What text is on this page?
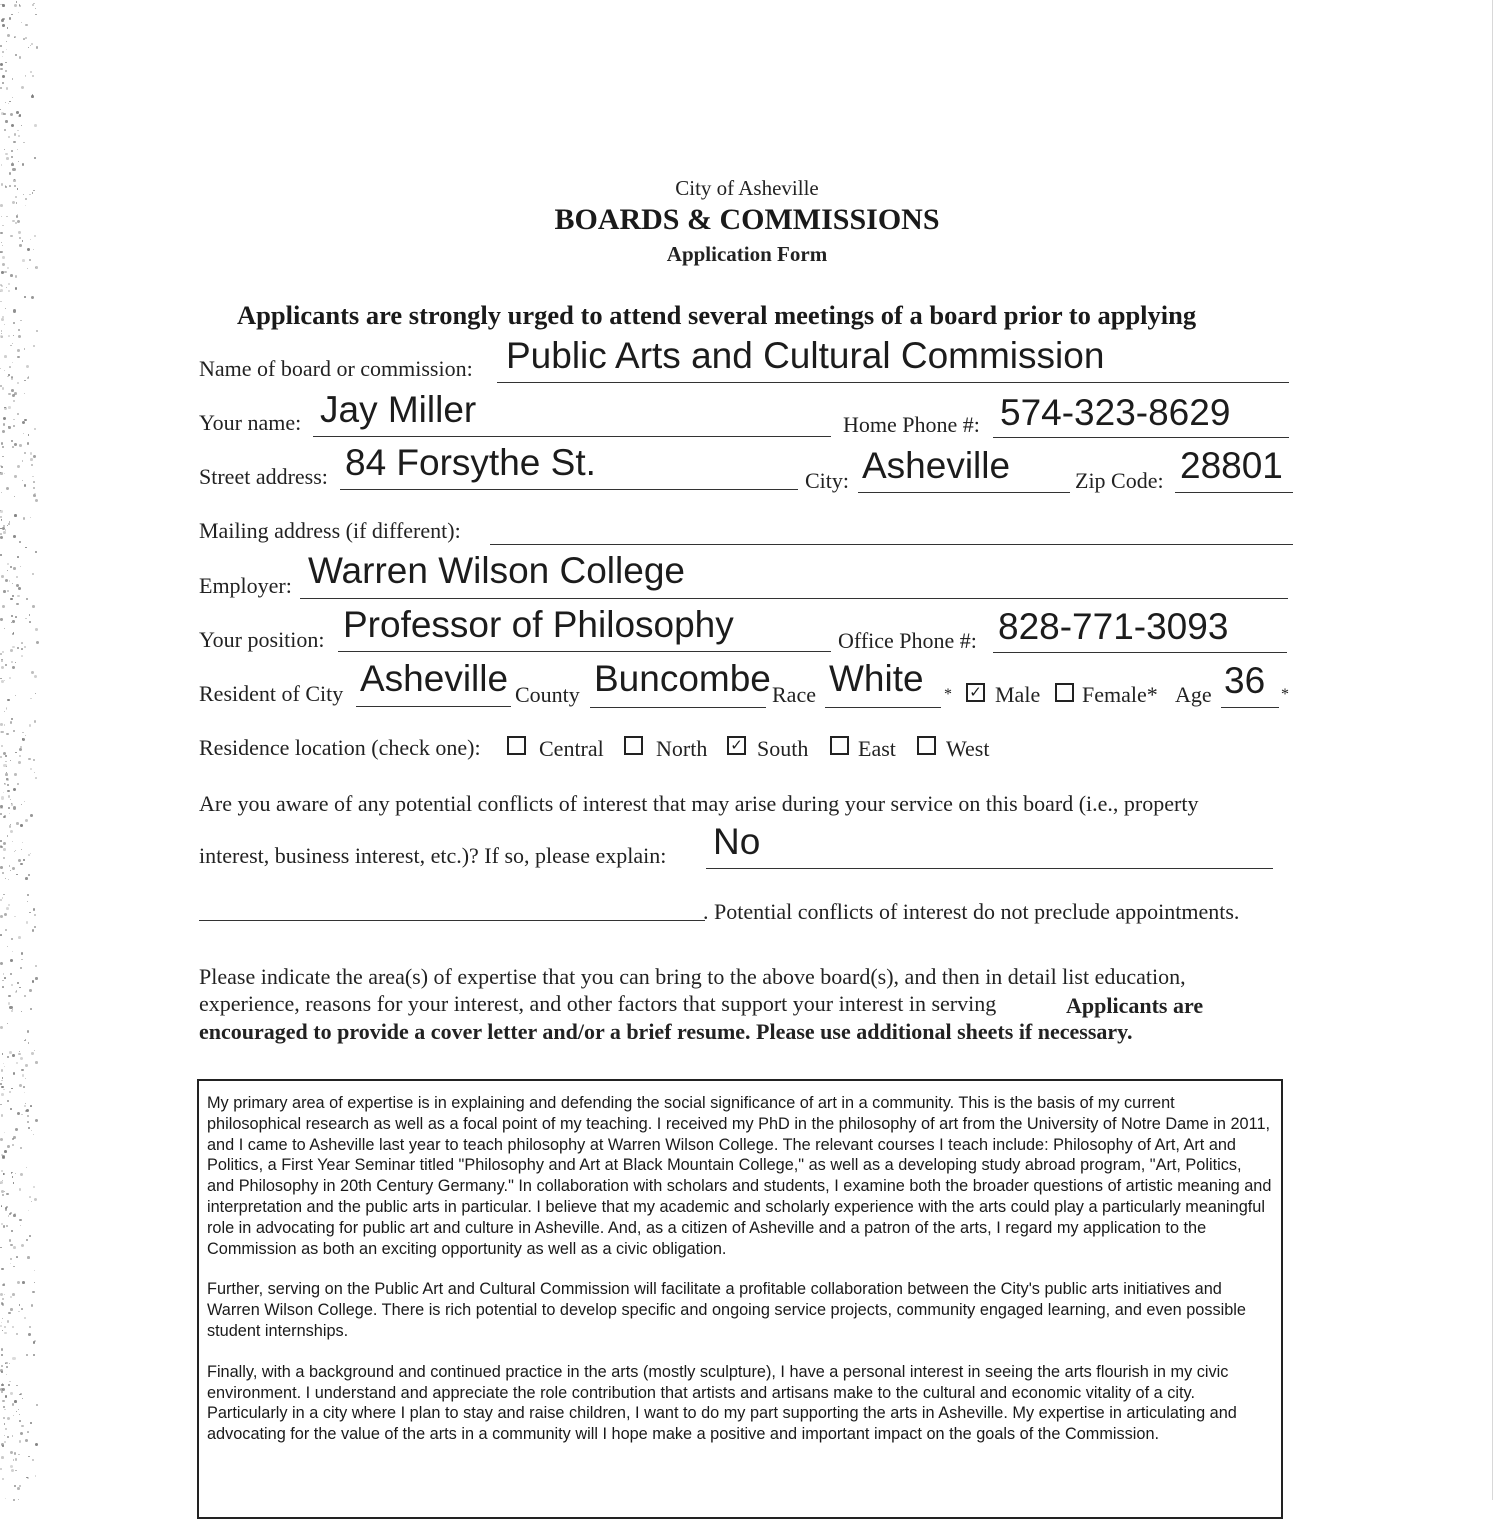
City of Asheville
BOARDS & COMMISSIONS
Application Form
Applicants are strongly urged to attend several meetings of a board prior to applying
Name of board or commission: Public Arts and Cultural Commission
Your name: Jay Miller	Home Phone #: 574-323-8629
Street address: 84 Forsythe St.	City: Asheville	Zip Code: 28801
Mailing address (if different):
Employer: Warren Wilson College
Your position: Professor of Philosophy	Office Phone #: 828-771-3093
Resident of City Asheville County Buncombe Race White * ✓ Male Female* Age 36 *
Residence location (check one):	Central North ✓ South East West
Are you aware of any potential conflicts of interest that may arise during your service on this board (i.e., property
interest, business interest, etc.)? If so, please explain: No
. Potential conflicts of interest do not preclude appointments.
Please indicate the area(s) of expertise that you can bring to the above board(s), and then in detail list education,
experience, reasons for your interest, and other factors that support your interest in serving	Applicants are
encouraged to provide a cover letter and/or a brief resume. Please use additional sheets if necessary.

My primary area of expertise is in explaining and defending the social significance of art in a community. This is the basis of my current philosophical research as well as a focal point of my teaching. I received my PhD in the philosophy of art from the University of Notre Dame in 2011, and I came to Asheville last year to teach philosophy at Warren Wilson College. The relevant courses I teach include: Philosophy of Art, Art and Politics, a First Year Seminar titled "Philosophy and Art at Black Mountain College," as well as a developing study abroad program, "Art, Politics, and Philosophy in 20th Century Germany." In collaboration with scholars and students, I examine both the broader questions of artistic meaning and interpretation and the public arts in particular. I believe that my academic and scholarly experience with the arts could play a particularly meaningful role in advocating for public art and culture in Asheville. And, as a citizen of Asheville and a patron of the arts, I regard my application to the Commission as both an exciting opportunity as well as a civic obligation.

Further, serving on the Public Art and Cultural Commission will facilitate a profitable collaboration between the City's public arts initiatives and Warren Wilson College. There is rich potential to develop specific and ongoing service projects, community engaged learning, and even possible student internships.

Finally, with a background and continued practice in the arts (mostly sculpture), I have a personal interest in seeing the arts flourish in my civic environment. I understand and appreciate the role contribution that artists and artisans make to the cultural and economic vitality of a city. Particularly in a city where I plan to stay and raise children, I want to do my part supporting the arts in Asheville. My expertise in articulating and advocating for the value of the arts in a community will I hope make a positive and important impact on the goals of the Commission.
